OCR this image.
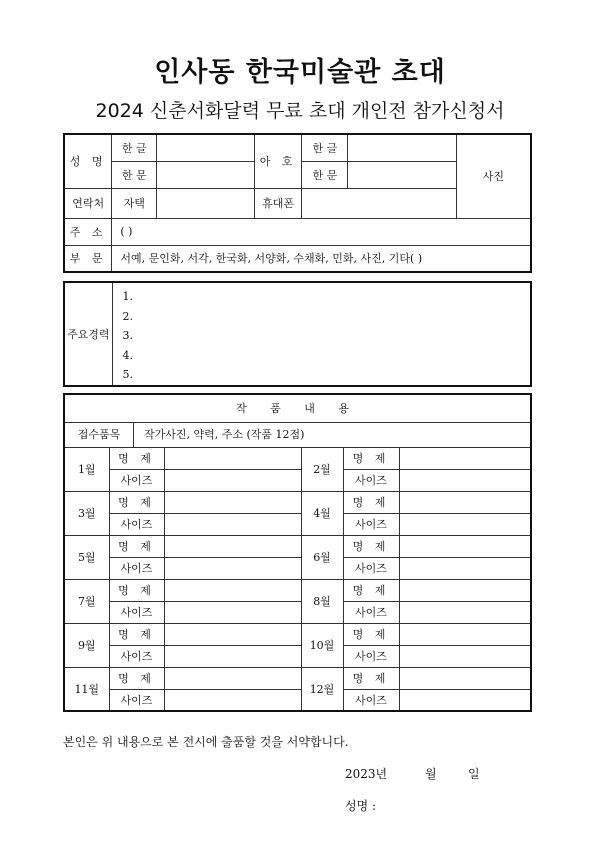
인사동 한국미술관 초대
2024 신춘서화달력 무료 초대 개인전 참가신청서
성 명	한 글		아 호	한 글		사진
	한 문			한 문		
연락처	자택		휴대폰			
주 소	( )					
부 문	서예, 문인화, 서각, 한국화, 서양화, 수채화, 민화, 사진, 기타( )					
주요경력	
1.
2.
3.
4.
5.
작 품 내 용					
접수품목 작가사진, 약력, 주소 (작품 12점)					
1월	명 제		2월	명 제	
	사이즈			사이즈	
3월	명 제		4월	명 제	
	사이즈			사이즈	
5월	명 제		6월	명 제	
	사이즈			사이즈	
7월	명 제		8월	명 제	
	사이즈			사이즈	
9월	명 제		10월	명 제	
	사이즈			사이즈	
11월	명 제		12월	명 제	
	사이즈			사이즈	
본인은 위 내용으로 본 전시에 출품할 것을 서약합니다.
2023년	월	일
성명 :
